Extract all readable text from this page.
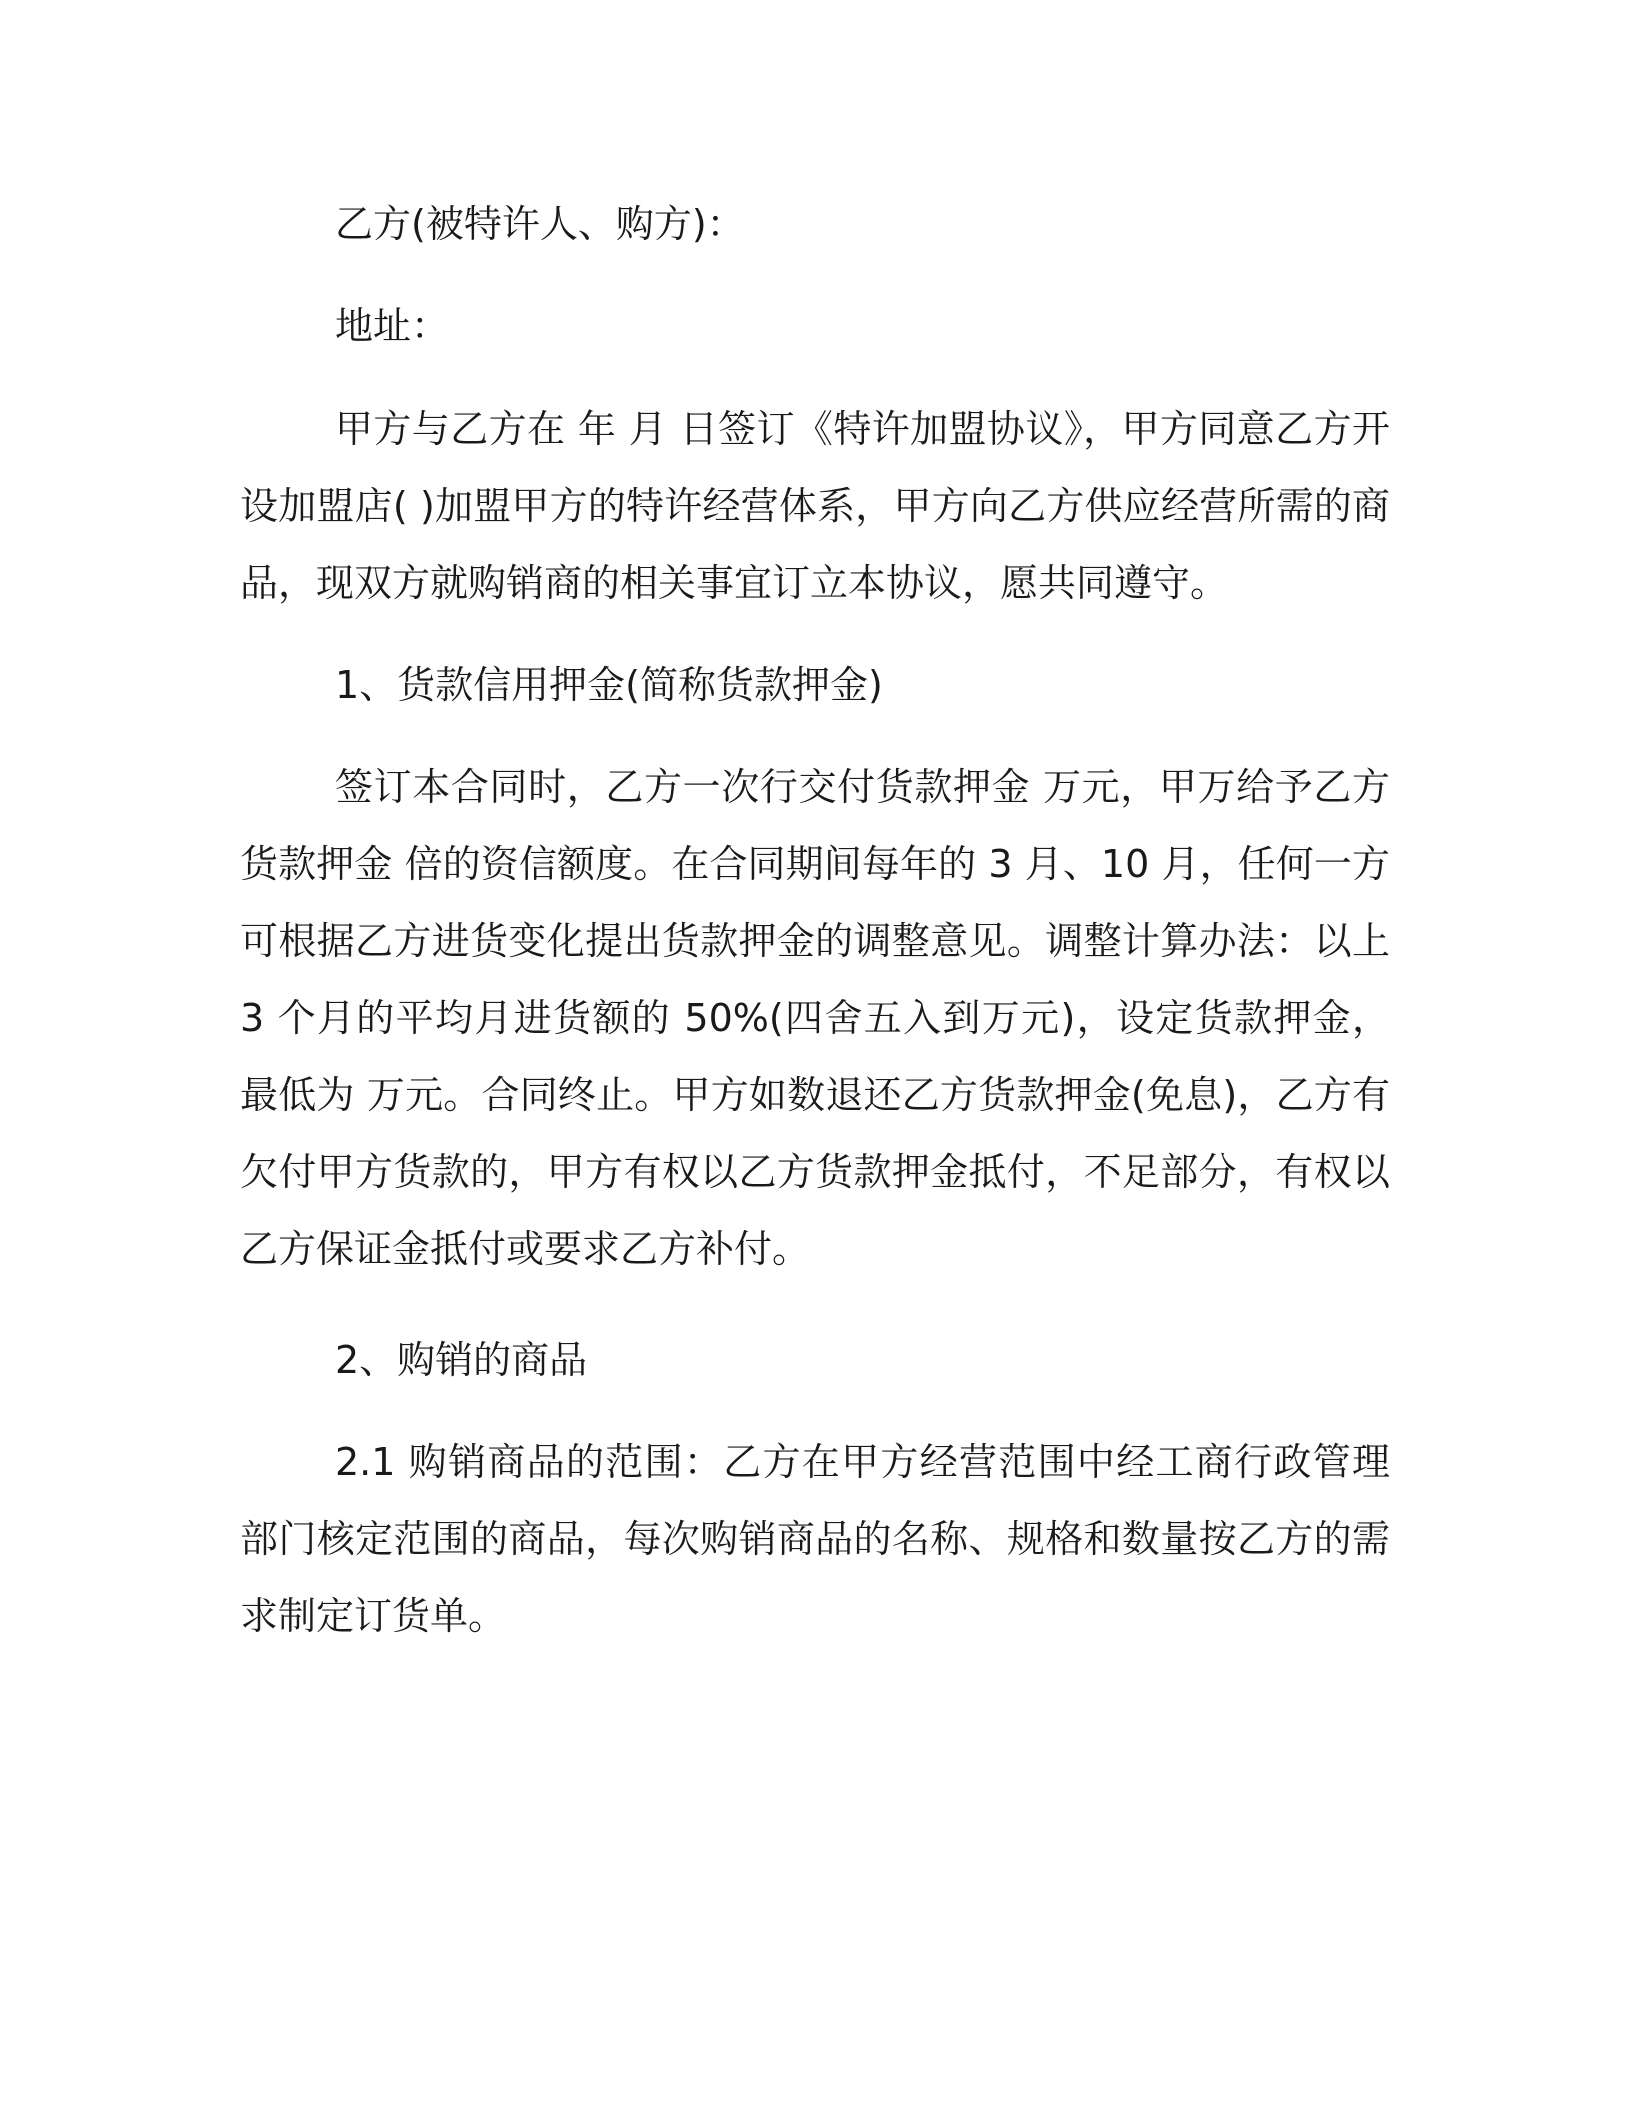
乙方(被特许人、购方)：

地址：

甲方与乙方在 年 月 日签订《特许加盟协议》，甲方同意乙方开设加盟店( )加盟甲方的特许经营体系，甲方向乙方供应经营所需的商品，现双方就购销商的相关事宜订立本协议，愿共同遵守。

1、货款信用押金(简称货款押金)

签订本合同时，乙方一次行交付货款押金 万元，甲万给予乙方货款押金 倍的资信额度。在合同期间每年的 3 月、10 月，任何一方可根据乙方进货变化提出货款押金的调整意见。调整计算办法：以上 3 个月的平均月进货额的 50%(四舍五入到万元)，设定货款押金，最低为 万元。合同终止。甲方如数退还乙方货款押金(免息)，乙方有欠付甲方货款的，甲方有权以乙方货款押金抵付，不足部分，有权以乙方保证金抵付或要求乙方补付。

2、购销的商品

2.1 购销商品的范围：乙方在甲方经营范围中经工商行政管理部门核定范围的商品，每次购销商品的名称、规格和数量按乙方的需求制定订货单。
